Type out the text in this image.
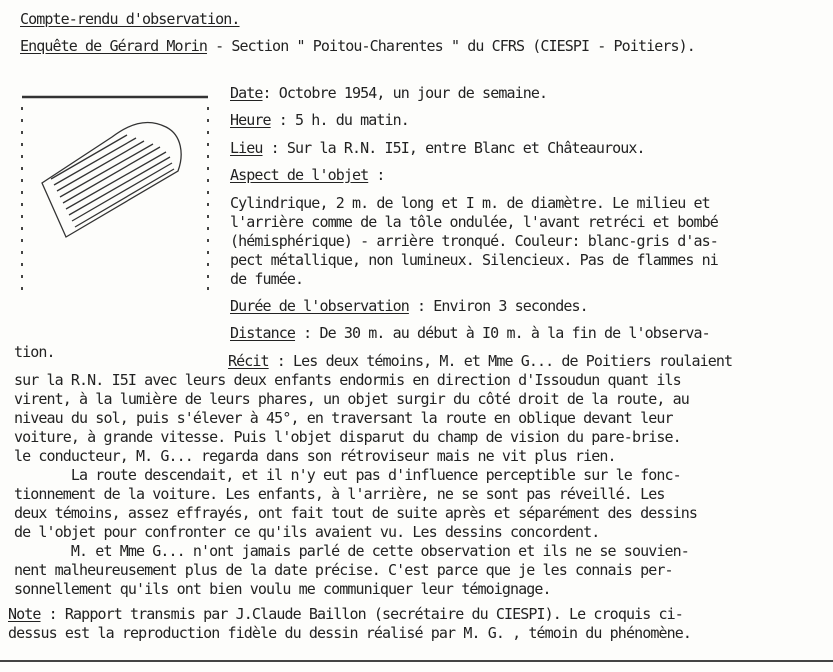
Compte-rendu d'observation.
Enquête de Gérard Morin - Section " Poitou-Charentes " du CFRS (CIESPI - Poitiers).
Date: Octobre 1954, un jour de semaine.
Heure : 5 h. du matin.
Lieu : Sur la R.N. I5I, entre Blanc et Châteauroux.
Aspect de l'objet :
Cylindrique, 2 m. de long et I m. de diamètre. Le milieu et
l'arrière comme de la tôle ondulée, l'avant retréci et bombé
(hémisphérique) - arrière tronqué. Couleur: blanc-gris d'as-
pect métallique, non lumineux. Silencieux. Pas de flammes ni
de fumée.
Durée de l'observation : Environ 3 secondes.
Distance : De 30 m. au début à I0 m. à la fin de l'observa-
tion.	Récit : Les deux témoins, M. et Mme G... de Poitiers roulaient
sur la R.N. I5I avec leurs deux enfants endormis en direction d'Issoudun quant ils
virent, à la lumière de leurs phares, un objet surgir du côté droit de la route, au
niveau du sol, puis s'élever à 45°, en traversant la route en oblique devant leur
voiture, à grande vitesse. Puis l'objet disparut du champ de vision du pare-brise.
le conducteur, M. G... regarda dans son rétroviseur mais ne vit plus rien.
La route descendait, et il n'y eut pas d'influence perceptible sur le fonc-
tionnement de la voiture. Les enfants, à l'arrière, ne se sont pas réveillé. Les
deux témoins, assez effrayés, ont fait tout de suite après et séparément des dessins
de l'objet pour confronter ce qu'ils avaient vu. Les dessins concordent.
M. et Mme G... n'ont jamais parlé de cette observation et ils ne se souvien-
nent malheureusement plus de la date précise. C'est parce que je les connais per-
sonnellement qu'ils ont bien voulu me communiquer leur témoignage.
Note : Rapport transmis par J.Claude Baillon (secrétaire du CIESPI). Le croquis ci-
dessus est la reproduction fidèle du dessin réalisé par M. G. , témoin du phénomène.
